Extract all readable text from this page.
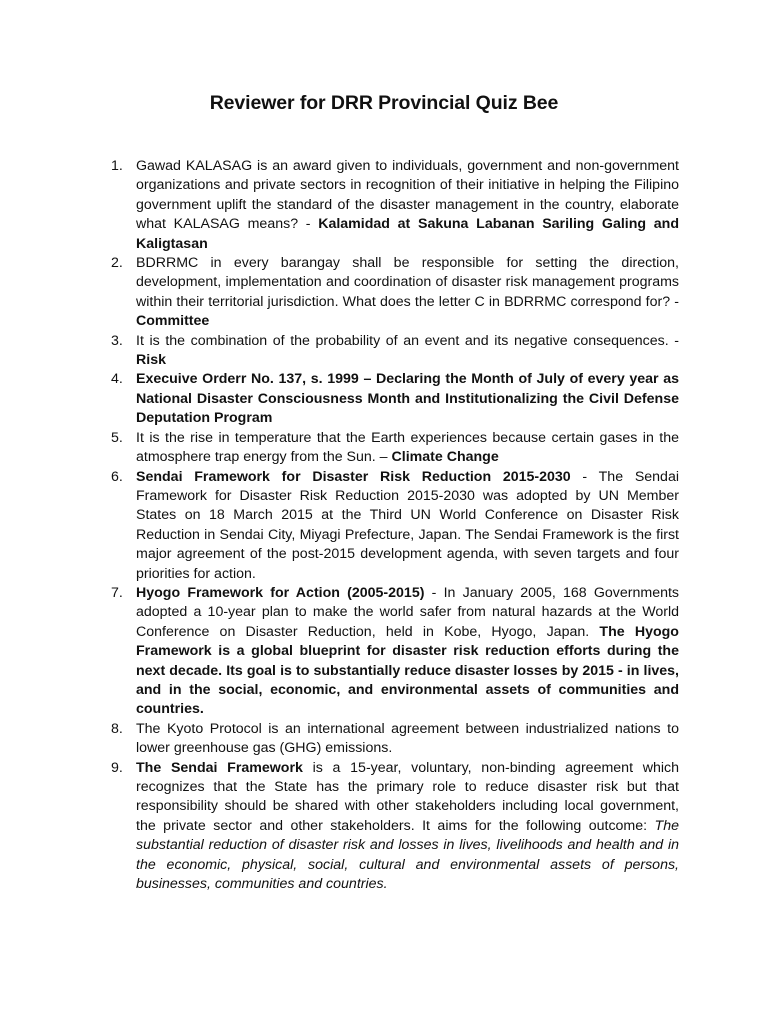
Reviewer for DRR Provincial Quiz Bee
1. Gawad KALASAG is an award given to individuals, government and non-government organizations and private sectors in recognition of their initiative in helping the Filipino government uplift the standard of the disaster management in the country, elaborate what KALASAG means? - Kalamidad at Sakuna Labanan Sariling Galing and Kaligtasan
2. BDRRMC in every barangay shall be responsible for setting the direction, development, implementation and coordination of disaster risk management programs within their territorial jurisdiction. What does the letter C in BDRRMC correspond for? - Committee
3. It is the combination of the probability of an event and its negative consequences. - Risk
4. Execuive Orderr No. 137, s. 1999 – Declaring the Month of July of every year as National Disaster Consciousness Month and Institutionalizing the Civil Defense Deputation Program
5. It is the rise in temperature that the Earth experiences because certain gases in the atmosphere trap energy from the Sun. – Climate Change
6. Sendai Framework for Disaster Risk Reduction 2015-2030 - The Sendai Framework for Disaster Risk Reduction 2015-2030 was adopted by UN Member States on 18 March 2015 at the Third UN World Conference on Disaster Risk Reduction in Sendai City, Miyagi Prefecture, Japan. The Sendai Framework is the first major agreement of the post-2015 development agenda, with seven targets and four priorities for action.
7. Hyogo Framework for Action (2005-2015) - In January 2005, 168 Governments adopted a 10-year plan to make the world safer from natural hazards at the World Conference on Disaster Reduction, held in Kobe, Hyogo, Japan. The Hyogo Framework is a global blueprint for disaster risk reduction efforts during the next decade. Its goal is to substantially reduce disaster losses by 2015 - in lives, and in the social, economic, and environmental assets of communities and countries.
8. The Kyoto Protocol is an international agreement between industrialized nations to lower greenhouse gas (GHG) emissions.
9. The Sendai Framework is a 15-year, voluntary, non-binding agreement which recognizes that the State has the primary role to reduce disaster risk but that responsibility should be shared with other stakeholders including local government, the private sector and other stakeholders. It aims for the following outcome: The substantial reduction of disaster risk and losses in lives, livelihoods and health and in the economic, physical, social, cultural and environmental assets of persons, businesses, communities and countries.
